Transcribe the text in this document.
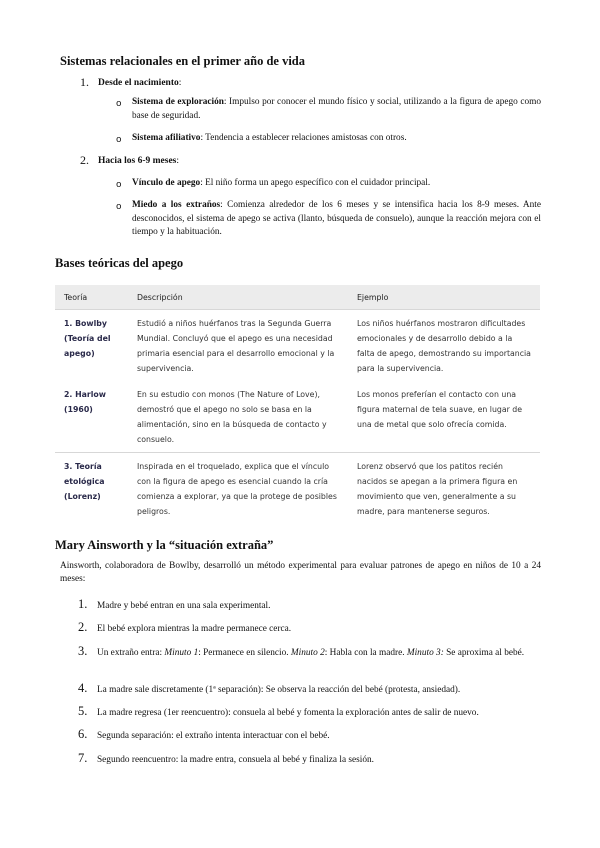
Sistemas relacionales en el primer año de vida
1. Desde el nacimiento:
o Sistema de exploración: Impulso por conocer el mundo físico y social, utilizando a la figura de apego como base de seguridad.
o Sistema afiliativo: Tendencia a establecer relaciones amistosas con otros.
2. Hacia los 6-9 meses:
o Vínculo de apego: El niño forma un apego específico con el cuidador principal.
o Miedo a los extraños: Comienza alrededor de los 6 meses y se intensifica hacia los 8-9 meses. Ante desconocidos, el sistema de apego se activa (llanto, búsqueda de consuelo), aunque la reacción mejora con el tiempo y la habituación.
Bases teóricas del apego
Teoría	Descripción	Ejemplo
1. Bowlby (Teoría del apego)	Estudió a niños huérfanos tras la Segunda Guerra Mundial. Concluyó que el apego es una necesidad primaria esencial para el desarrollo emocional y la supervivencia.	Los niños huérfanos mostraron dificultades emocionales y de desarrollo debido a la falta de apego, demostrando su importancia para la supervivencia.
2. Harlow (1960)	En su estudio con monos (The Nature of Love), demostró que el apego no solo se basa en la alimentación, sino en la búsqueda de contacto y consuelo.	Los monos preferían el contacto con una figura maternal de tela suave, en lugar de una de metal que solo ofrecía comida.
3. Teoría etológica (Lorenz)	Inspirada en el troquelado, explica que el vínculo con la figura de apego es esencial cuando la cría comienza a explorar, ya que la protege de posibles peligros.	Lorenz observó que los patitos recién nacidos se apegan a la primera figura en movimiento que ven, generalmente a su madre, para mantenerse seguros.
Mary Ainsworth y la “situación extraña”
Ainsworth, colaboradora de Bowlby, desarrolló un método experimental para evaluar patrones de apego en niños de 10 a 24 meses:
1. Madre y bebé entran en una sala experimental.
2. El bebé explora mientras la madre permanece cerca.
3. Un extraño entra: Minuto 1: Permanece en silencio. Minuto 2: Habla con la madre. Minuto 3: Se aproxima al bebé.
4. La madre sale discretamente (1ª separación): Se observa la reacción del bebé (protesta, ansiedad).
5. La madre regresa (1er reencuentro): consuela al bebé y fomenta la exploración antes de salir de nuevo.
6. Segunda separación: el extraño intenta interactuar con el bebé.
7. Segundo reencuentro: la madre entra, consuela al bebé y finaliza la sesión.
